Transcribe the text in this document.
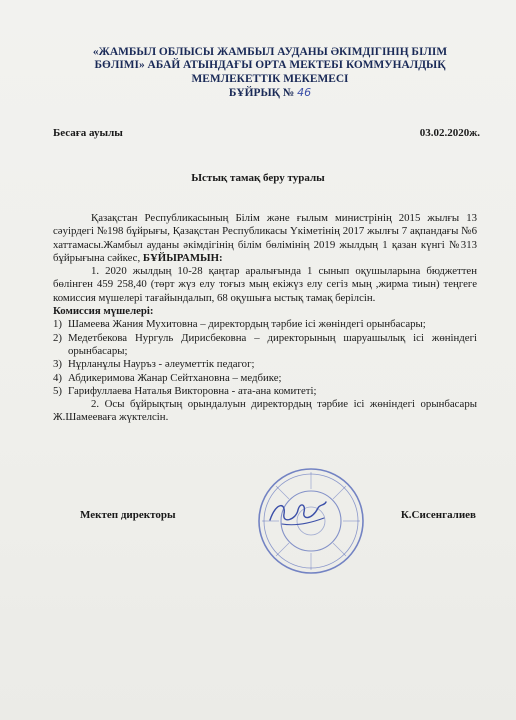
«ЖАМБЫЛ ОБЛЫСЫ ЖАМБЫЛ АУДАНЫ ӘКІМДІГІНІҢ БІЛІМ
БӨЛІМІ» АБАЙ АТЫНДАҒЫ ОРТА МЕКТЕБІ КОММУНАЛДЫҚ
МЕМЛЕКЕТТІК МЕКЕМЕСІ
БҰЙРЫҚ № 46
Бесаға ауылы	03.02.2020ж.
Ыстық тамақ беру туралы

Қазақстан Республикасының Білім және ғылым министрінің 2015 жылғы 13 сәуірдегі №198 бұйрығы, Қазақстан Республикасы Үкіметінің 2017 жылғы 7 ақпандағы №6 хаттамасы.Жамбыл ауданы әкімдігінің білім бөлімінің 2019 жылдың 1 қазан күнгі №313 бұйрығына сәйкес, БҰЙЫРАМЫН:

1. 2020 жылдың 10-28 қаңтар аралығында 1 сынып оқушыларына бюджеттен бөлінген 459 258,40 (төрт жүз елу тоғыз мың екіжүз елу сегіз мың ,жирма тиын) теңгеге комиссия мүшелері тағайындалып, 68 оқушыға ыстық тамақ берілсін.

Комиссия мүшелері:

1) Шамеева Жания Мухитовна – директордың тәрбие ісі жөніндегі орынбасары;
2) Медетбекова Нургуль Дирисбековна – директорының шаруашылық ісі жөніндегі орынбасары;
3) Нұрланұлы Науръз - әлеуметтік педагог;
4) Абдикеримова Жанар Сейтхановна – медбике;
5) Гарифуллаева Наталья Викторовна - ата-ана комитеті;

2. Осы бұйрықтың орындалуын директордың тәрбие ісі жөніндегі орынбасары Ж.Шамееваға жүктелсін.

Мектеп директоры	К.Сисенгалиев
